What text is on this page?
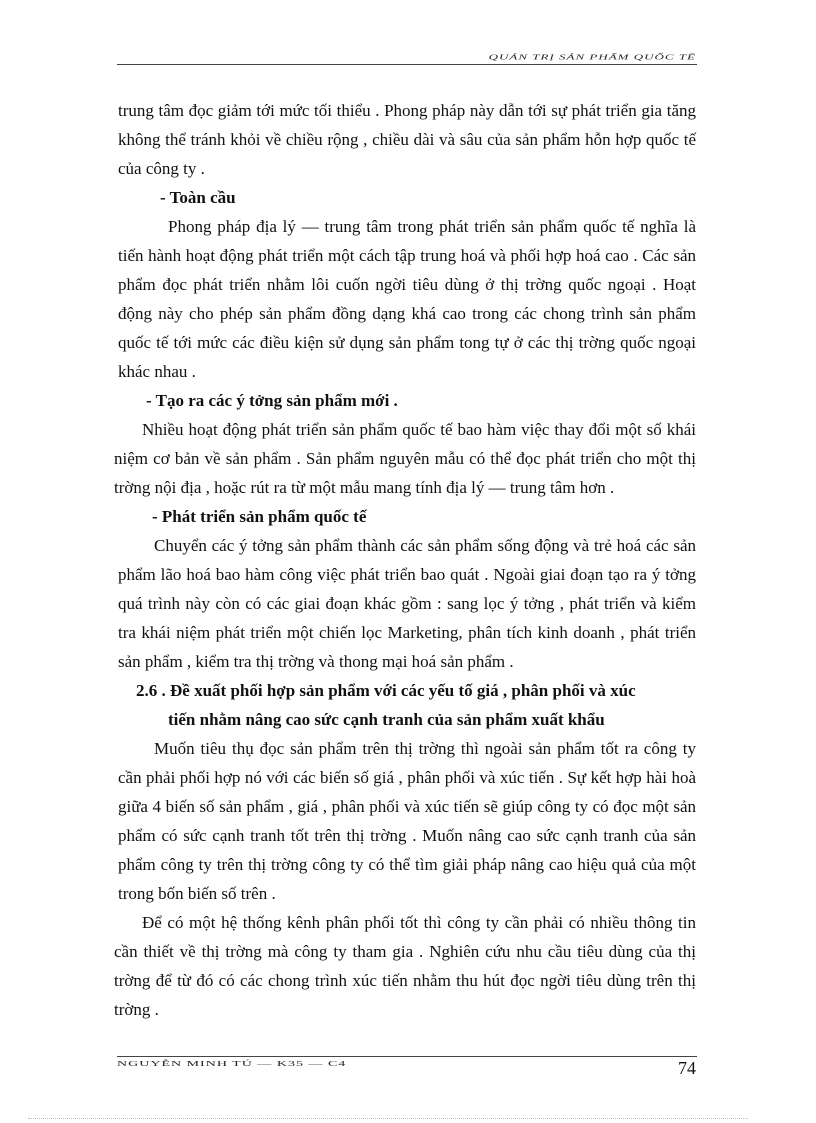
QUẢN TRỊ SẢN PHẨM QUỐC TẾ

trung tâm đọc giảm tới mức tối thiểu . Phong pháp này dẫn tới sự phát triển gia tăng không thể tránh khỏi về chiều rộng , chiều dài và sâu của sản phẩm hỗn hợp quốc tế của công ty .

- Toàn cầu

Phong pháp địa lý — trung tâm trong phát triển sản phẩm quốc tế nghĩa là tiến hành hoạt động phát triển một cách tập trung hoá và phối hợp hoá cao . Các sản phẩm đọc phát triển nhằm lôi cuốn ngời tiêu dùng ở thị trờng quốc ngoại . Hoạt động này cho phép sản phẩm đồng dạng khá cao trong các chong trình sản phẩm quốc tế tới mức các điều kiện sử dụng sản phẩm tong tự ở các thị trờng quốc ngoại khác nhau .

- Tạo ra các ý tởng sản phẩm mới .

Nhiều hoạt động phát triển sản phẩm quốc tế bao hàm việc thay đổi một số khái niệm cơ bản về sản phẩm . Sản phẩm nguyên mẫu có thể đọc phát triển cho một thị trờng nội địa , hoặc rút ra từ một mẫu mang tính địa lý — trung tâm hơn .

- Phát triển sản phẩm quốc tế

Chuyển các ý tởng sản phẩm thành các sản phẩm sống động và trẻ hoá các sản phẩm lão hoá bao hàm công việc phát triển bao quát . Ngoài giai đoạn tạo ra ý tởng quá trình này còn có các giai đoạn khác gồm : sang lọc ý tởng , phát triển và kiểm tra khái niệm phát triển một chiến lọc Marketing, phân tích kinh doanh , phát triển sản phẩm , kiểm tra thị trờng và thong mại hoá sản phẩm .

2.6 . Đề xuất phối hợp sản phẩm với các yếu tố giá , phân phối và xúc

tiến nhằm nâng cao sức cạnh tranh của sản phẩm xuất khẩu

Muốn tiêu thụ đọc sản phẩm trên thị trờng thì ngoài sản phẩm tốt ra công ty cần phải phối hợp nó với các biến số giá , phân phối và xúc tiến . Sự kết hợp hài hoà giữa 4 biến số sản phẩm , giá , phân phối và xúc tiến sẽ giúp công ty có đọc một sản phẩm có sức cạnh tranh tốt trên thị trờng . Muốn nâng cao sức cạnh tranh của sản phẩm công ty trên thị trờng công ty có thể tìm giải pháp nâng cao hiệu quả của một trong bốn biến số trên .

Để có một hệ thống kênh phân phối tốt thì công ty cần phải có nhiều thông tin cần thiết về thị trờng mà công ty tham gia . Nghiên cứu nhu cầu tiêu dùng của thị trờng để từ đó có các chong trình xúc tiến nhằm thu hút đọc ngời tiêu dùng trên thị trờng .

NGUYỄN MINH TÚ — K35 — C4	74
